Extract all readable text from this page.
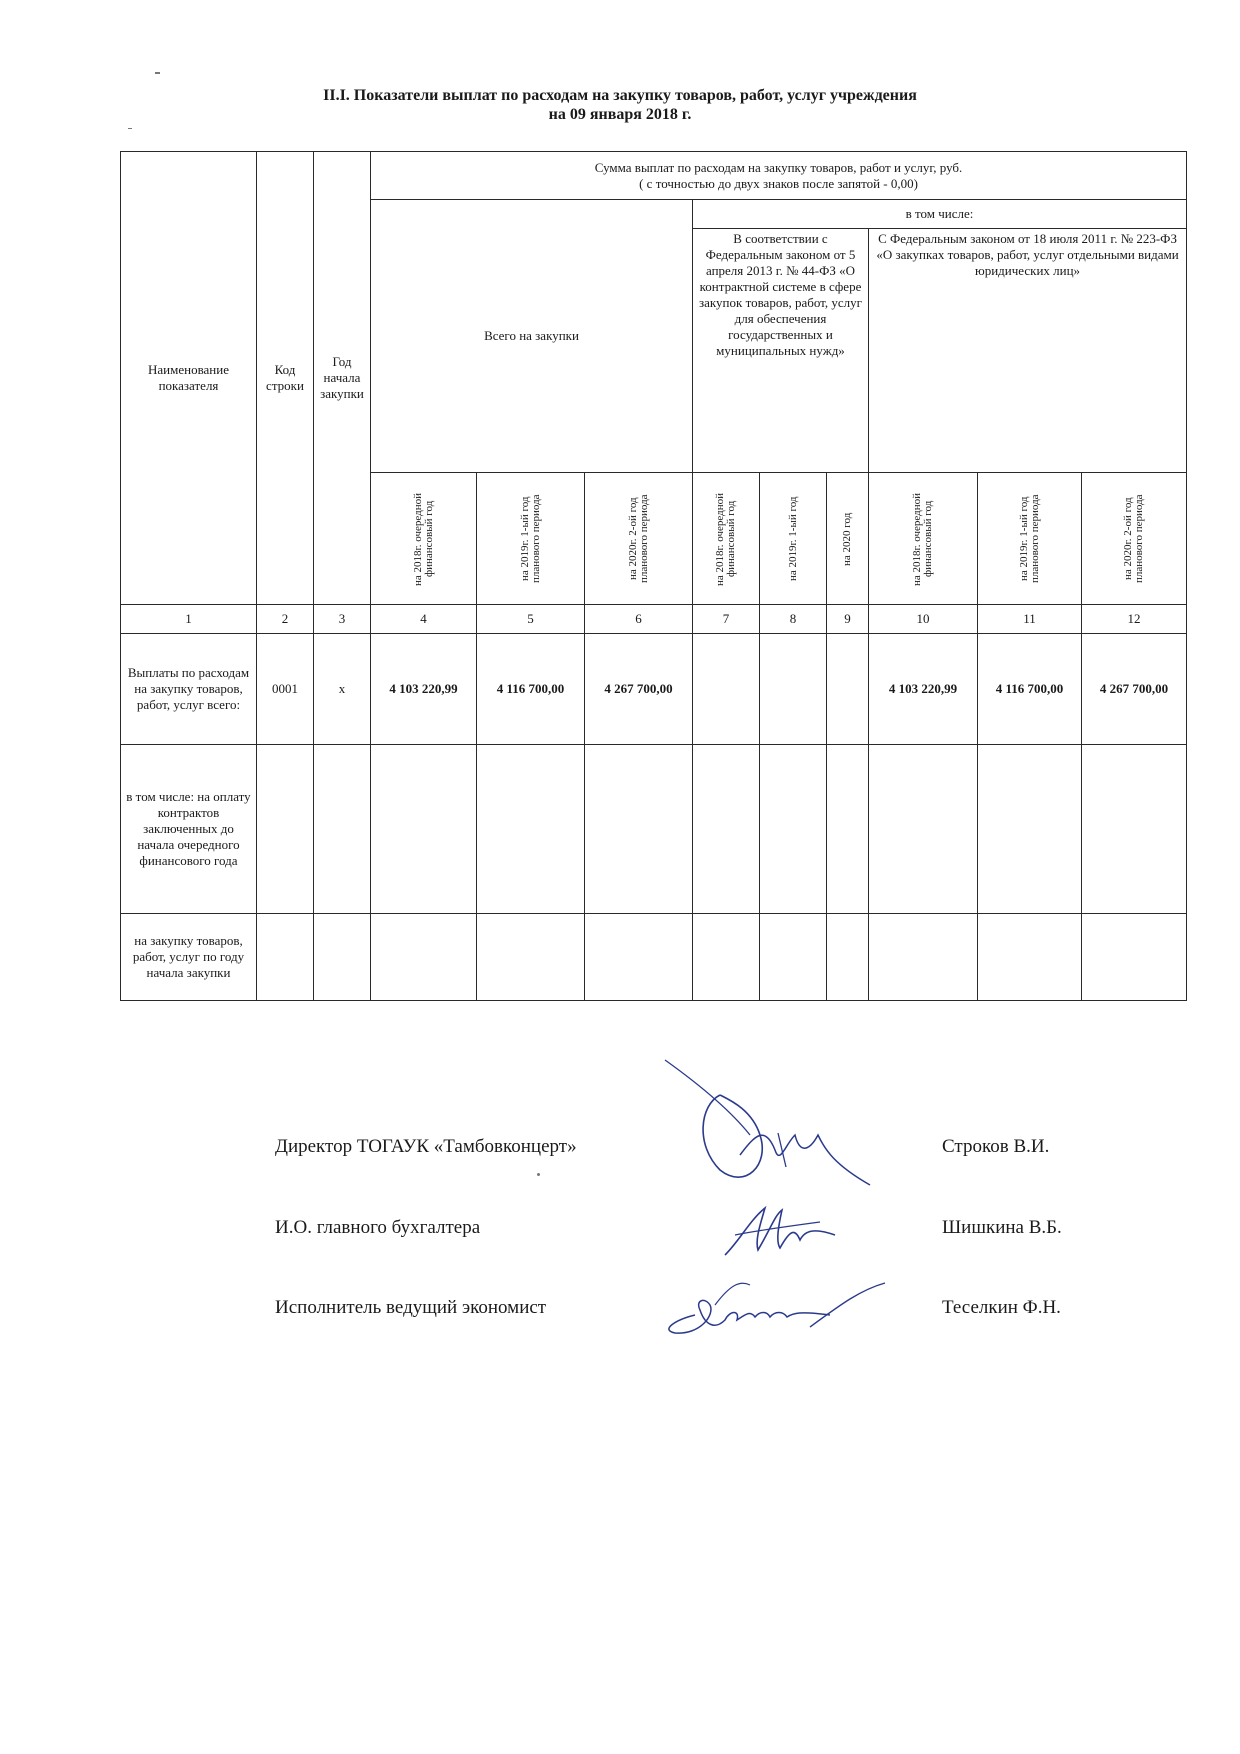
II.I. Показатели выплат по расходам на закупку товаров, работ, услуг учреждения
на 09 января 2018 г.
Наименование показателя	Код строки	Год начала закупки	Сумма выплат по расходам на закупку товаров, работ и услуг, руб.
( с точностью до двух знаков после запятой - 0,00)								

			Всего на закупки			в том числе:					
						В соответствии с Федеральным законом от 5 апреля 2013 г. № 44-ФЗ «О контрактной системе в сфере закупок товаров, работ, услуг для обеспечения государственных и муниципальных нужд»			С Федеральным законом от 18 июля 2011 г. № 223-ФЗ «О закупках товаров, работ, услуг отдельными видами юридических лиц»		

			на 2018г. очередной финансовый год	на 2019г. 1-ый год планового периода	на 2020г. 2-ой год планового периода	на 2018г. очередной финансовый год	на 2019г. 1-ый год	на 2020 год	на 2018г. очередной финансовый год	на 2019г. 1-ый год планового периода	на 2020г. 2-ой год планового периода

1	2	3	4	5	6	7	8	9	10	11	12
Выплаты по расходам на закупку товаров, работ, услуг всего:	0001	x	4 103 220,99	4 116 700,00	4 267 700,00				4 103 220,99	4 116 700,00	4 267 700,00
в том числе: на оплату контрактов заключенных до начала очередного финансового года											
на закупку товаров, работ, услуг по году начала закупки											
Директор ТОГАУК «Тамбовконцерт»	Строков В.И.
И.О. главного бухгалтера	Шишкина В.Б.
Исполнитель ведущий экономист	Теселкин Ф.Н.
